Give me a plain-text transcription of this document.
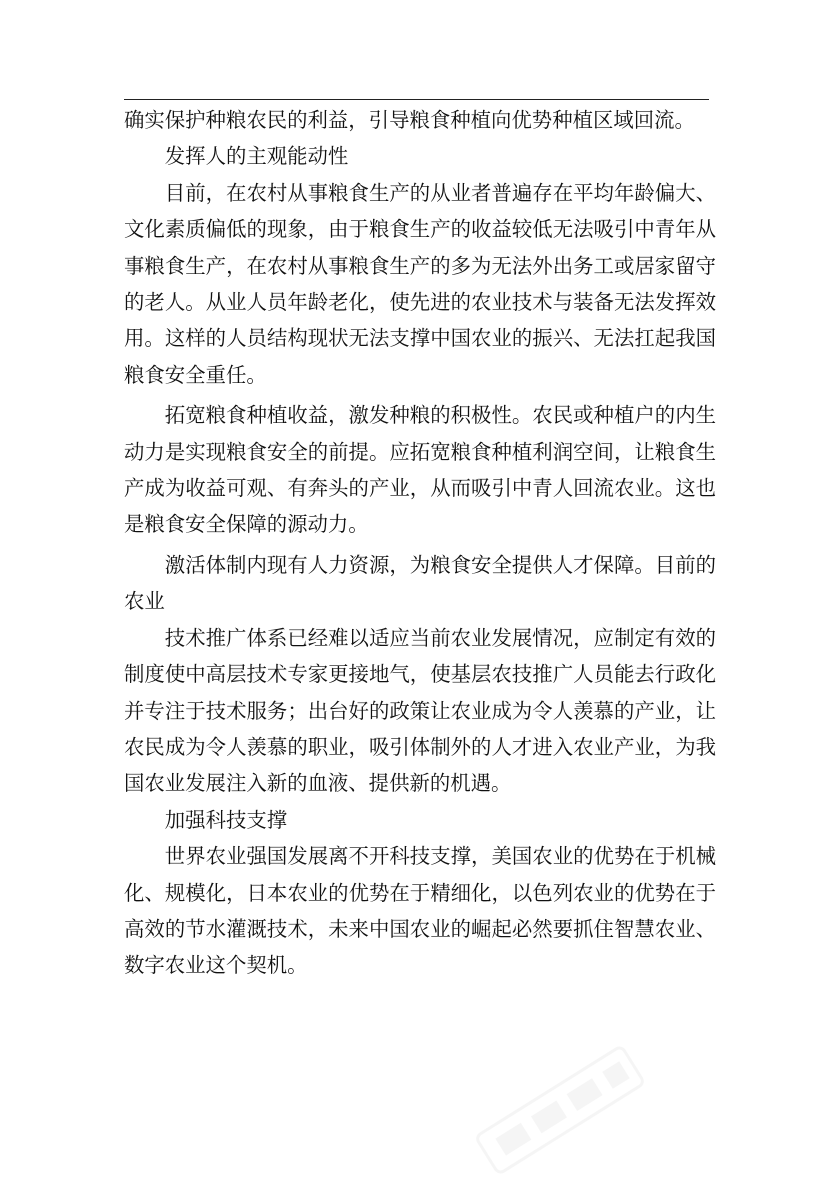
确实保护种粮农民的利益，引导粮食种植向优势种植区域回流。

发挥人的主观能动性

目前，在农村从事粮食生产的从业者普遍存在平均年龄偏大、文化素质偏低的现象，由于粮食生产的收益较低无法吸引中青年从事粮食生产，在农村从事粮食生产的多为无法外出务工或居家留守的老人。从业人员年龄老化，使先进的农业技术与装备无法发挥效用。这样的人员结构现状无法支撑中国农业的振兴、无法扛起我国粮食安全重任。

拓宽粮食种植收益，激发种粮的积极性。农民或种植户的内生动力是实现粮食安全的前提。应拓宽粮食种植利润空间，让粮食生产成为收益可观、有奔头的产业，从而吸引中青人回流农业。这也是粮食安全保障的源动力。

激活体制内现有人力资源，为粮食安全提供人才保障。目前的农业

技术推广体系已经难以适应当前农业发展情况，应制定有效的制度使中高层技术专家更接地气，使基层农技推广人员能去行政化并专注于技术服务；出台好的政策让农业成为令人羡慕的产业，让农民成为令人羡慕的职业，吸引体制外的人才进入农业产业，为我国农业发展注入新的血液、提供新的机遇。

加强科技支撑

世界农业强国发展离不开科技支撑，美国农业的优势在于机械化、规模化，日本农业的优势在于精细化，以色列农业的优势在于高效的节水灌溉技术，未来中国农业的崛起必然要抓住智慧农业、数字农业这个契机。
